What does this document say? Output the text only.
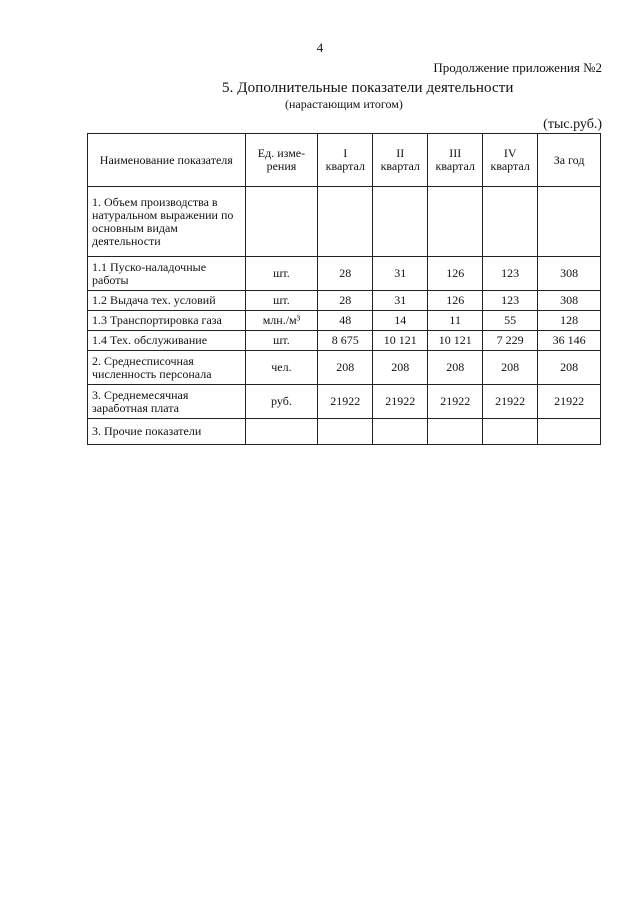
4
Продолжение приложения №2
5. Дополнительные показатели деятельности
(нарастающим итогом)
(тыс.руб.)
Наименование показателя	Ед. изме-рения	I квартал	II квартал	III квартал	IV квартал	За год
1. Объем производства в натуральном выражении по основным видам деятельности						
1.1 Пуско-наладочные работы	шт.	28	31	126	123	308
1.2 Выдача тех. условий	шт.	28	31	126	123	308
1.3 Транспортировка газа	млн./м³	48	14	11	55	128
1.4 Тех. обслуживание	шт.	8 675	10 121	10 121	7 229	36 146
2. Среднесписочная численность персонала	чел.	208	208	208	208	208
3. Среднемесячная заработная плата	руб.	21922	21922	21922	21922	21922
3. Прочие показатели						
